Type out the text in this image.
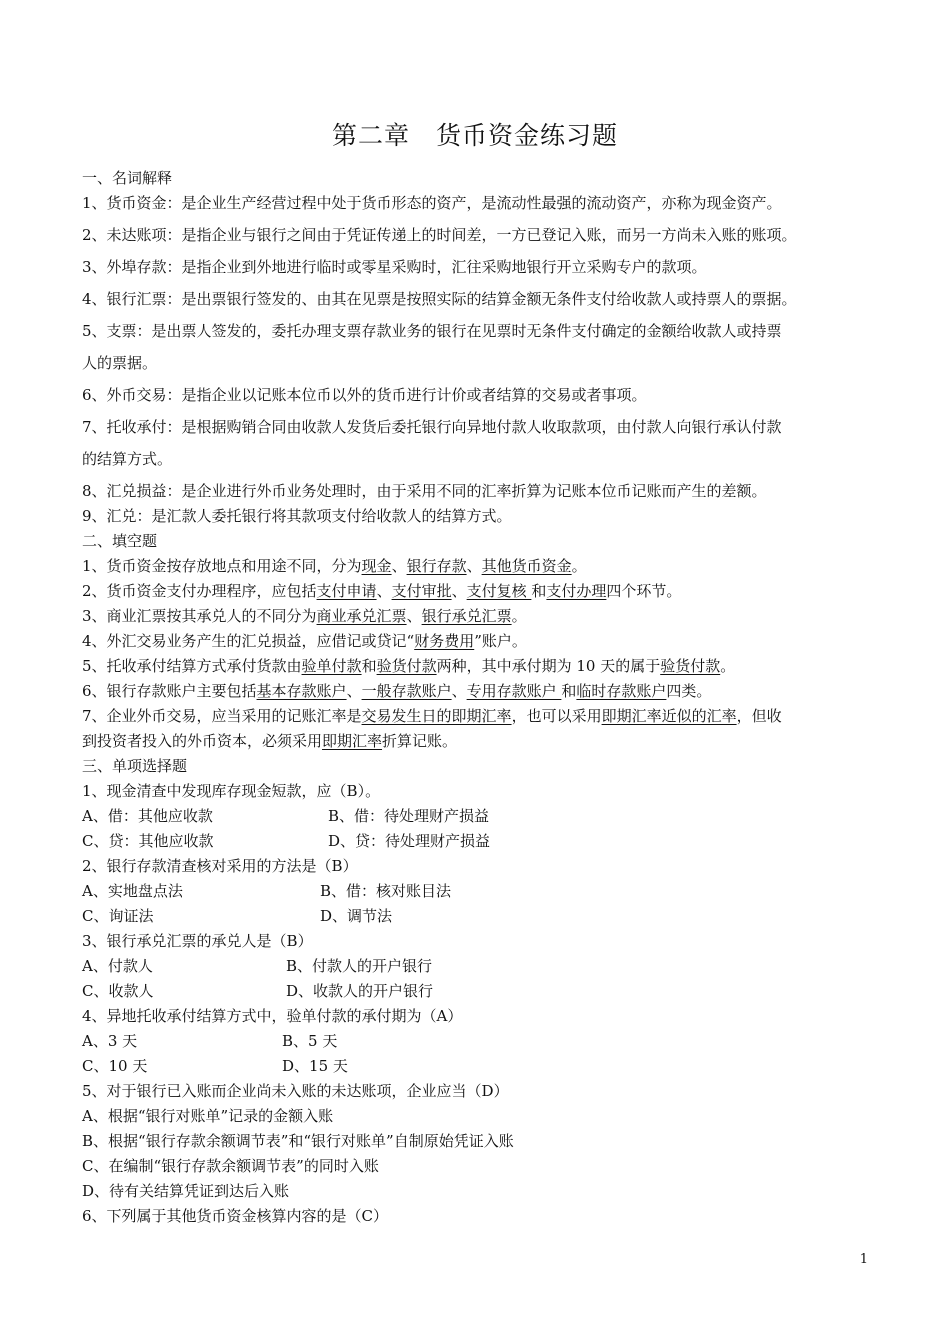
第二章　货币资金练习题
一、名词解释
1、货币资金：是企业生产经营过程中处于货币形态的资产，是流动性最强的流动资产，亦称为现金资产。
2、未达账项：是指企业与银行之间由于凭证传递上的时间差，一方已登记入账，而另一方尚未入账的账项。
3、外埠存款：是指企业到外地进行临时或零星采购时，汇往采购地银行开立采购专户的款项。
4、银行汇票：是出票银行签发的、由其在见票是按照实际的结算金额无条件支付给收款人或持票人的票据。
5、支票：是出票人签发的，委托办理支票存款业务的银行在见票时无条件支付确定的金额给收款人或持票
人的票据。
6、外币交易：是指企业以记账本位币以外的货币进行计价或者结算的交易或者事项。
7、托收承付：是根据购销合同由收款人发货后委托银行向异地付款人收取款项，由付款人向银行承认付款
的结算方式。
8、汇兑损益：是企业进行外币业务处理时，由于采用不同的汇率折算为记账本位币记账而产生的差额。
9、汇兑：是汇款人委托银行将其款项支付给收款人的结算方式。
二、填空题
1、货币资金按存放地点和用途不同，分为现金、银行存款、其他货币资金。
2、货币资金支付办理程序，应包括支付申请、支付审批、支付复核 和支付办理四个环节。
3、商业汇票按其承兑人的不同分为商业承兑汇票、银行承兑汇票。
4、外汇交易业务产生的汇兑损益，应借记或贷记“财务费用”账户。
5、托收承付结算方式承付货款由验单付款和验货付款两种，其中承付期为 10 天的属于验货付款。
6、银行存款账户主要包括基本存款账户、一般存款账户、专用存款账户 和临时存款账户四类。
7、企业外币交易，应当采用的记账汇率是交易发生日的即期汇率，也可以采用即期汇率近似的汇率，但收
到投资者投入的外币资本，必须采用即期汇率折算记账。
三、单项选择题
1、现金清查中发现库存现金短款，应（B）。
A、借：其他应收款	B、借：待处理财产损益
C、贷：其他应收款	D、贷：待处理财产损益
2、银行存款清查核对采用的方法是（B）
A、实地盘点法	B、借：核对账目法
C、询证法	D、调节法
3、银行承兑汇票的承兑人是（B）
A、付款人	B、付款人的开户银行
C、收款人	D、收款人的开户银行
4、异地托收承付结算方式中，验单付款的承付期为（A）
A、3 天	B、5 天
C、10 天	D、15 天
5、对于银行已入账而企业尚未入账的未达账项，企业应当（D）
A、根据“银行对账单”记录的金额入账
B、根据“银行存款余额调节表”和“银行对账单”自制原始凭证入账
C、在编制“银行存款余额调节表”的同时入账
D、待有关结算凭证到达后入账
6、下列属于其他货币资金核算内容的是（C）
1
